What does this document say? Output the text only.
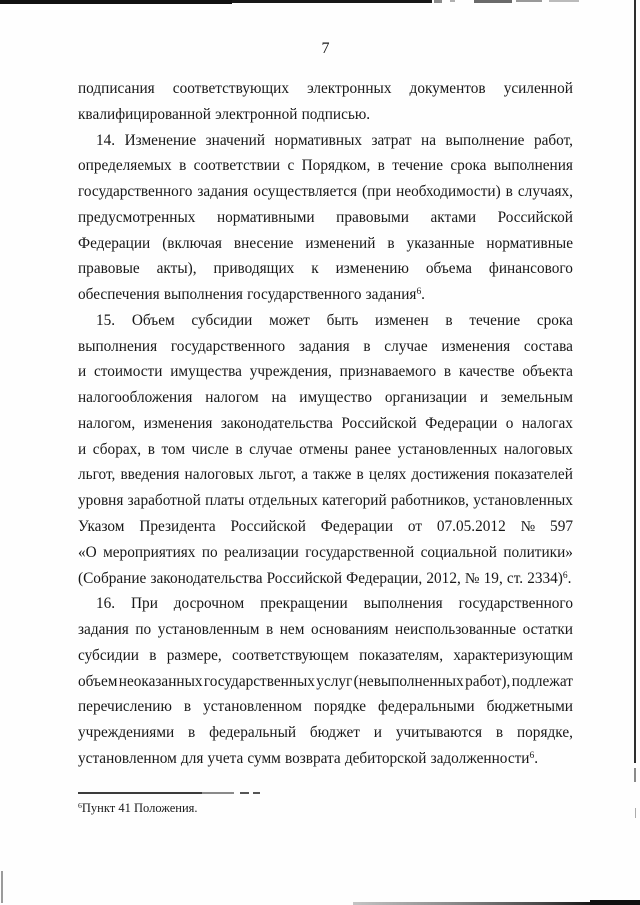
7
подписания соответствующих электронных документов усиленной
квалифицированной электронной подписью.
14. Изменение значений нормативных затрат на выполнение работ,
определяемых в соответствии с Порядком, в течение срока выполнения
государственного задания осуществляется (при необходимости) в случаях,
предусмотренных нормативными правовыми актами Российской
Федерации (включая внесение изменений в указанные нормативные
правовые акты), приводящих к изменению объема финансового
обеспечения выполнения государственного задания$^6$.
15. Объем субсидии может быть изменен в течение срока
выполнения государственного задания в случае изменения состава
и стоимости имущества учреждения, признаваемого в качестве объекта
налогообложения налогом на имущество организации и земельным
налогом, изменения законодательства Российской Федерации о налогах
и сборах, в том числе в случае отмены ранее установленных налоговых
льгот, введения налоговых льгот, а также в целях достижения показателей
уровня заработной платы отдельных категорий работников, установленных
Указом Президента Российской Федерации от 07.05.2012 № 597
«О мероприятиях по реализации государственной социальной политики»
(Собрание законодательства Российской Федерации, 2012, № 19, ст. 2334)$^6$.
16. При досрочном прекращении выполнения государственного
задания по установленным в нем основаниям неиспользованные остатки
субсидии в размере, соответствующем показателям, характеризующим
объем неоказанных государственных услуг (невыполненных работ), подлежат
перечислению в установленном порядке федеральными бюджетными
учреждениями в федеральный бюджет и учитываются в порядке,
установленном для учета сумм возврата дебиторской задолженности$^6$.
$^6$Пункт 41 Положения.
